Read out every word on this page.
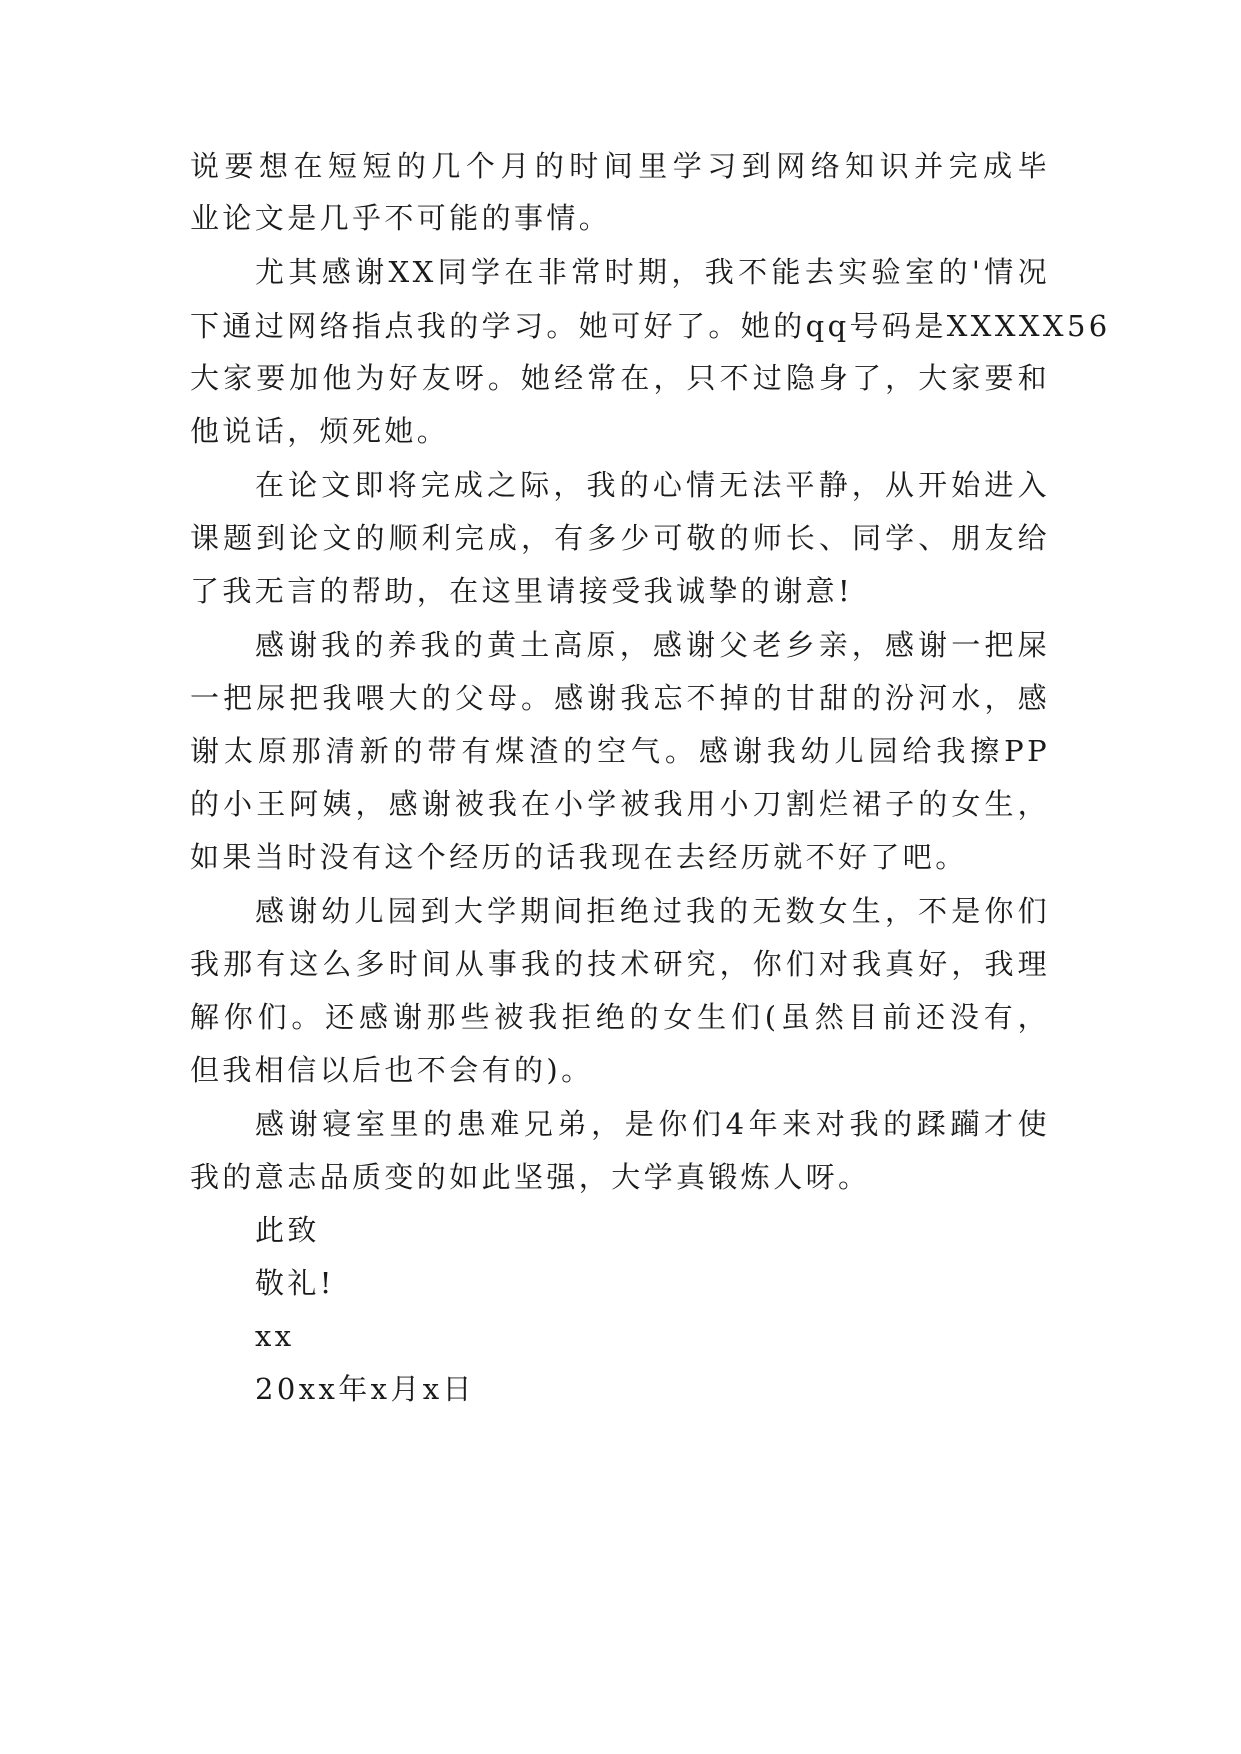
说要想在短短的几个月的时间里学习到网络知识并完成毕
业论文是几乎不可能的事情。
尤其感谢XX同学在非常时期，我不能去实验室的'情况
下通过网络指点我的学习。她可好了。她的qq号码是XXXXX56
大家要加他为好友呀。她经常在，只不过隐身了，大家要和
他说话，烦死她。
在论文即将完成之际，我的心情无法平静，从开始进入
课题到论文的顺利完成，有多少可敬的师长、同学、朋友给
了我无言的帮助，在这里请接受我诚挚的谢意!
感谢我的养我的黄土高原，感谢父老乡亲，感谢一把屎
一把尿把我喂大的父母。感谢我忘不掉的甘甜的汾河水，感
谢太原那清新的带有煤渣的空气。感谢我幼儿园给我擦PP
的小王阿姨，感谢被我在小学被我用小刀割烂裙子的女生，
如果当时没有这个经历的话我现在去经历就不好了吧。
感谢幼儿园到大学期间拒绝过我的无数女生，不是你们
我那有这么多时间从事我的技术研究，你们对我真好，我理
解你们。还感谢那些被我拒绝的女生们(虽然目前还没有，
但我相信以后也不会有的)。
感谢寝室里的患难兄弟，是你们4年来对我的蹂躏才使
我的意志品质变的如此坚强，大学真锻炼人呀。
此致
敬礼!
xx
20xx年x月x日
